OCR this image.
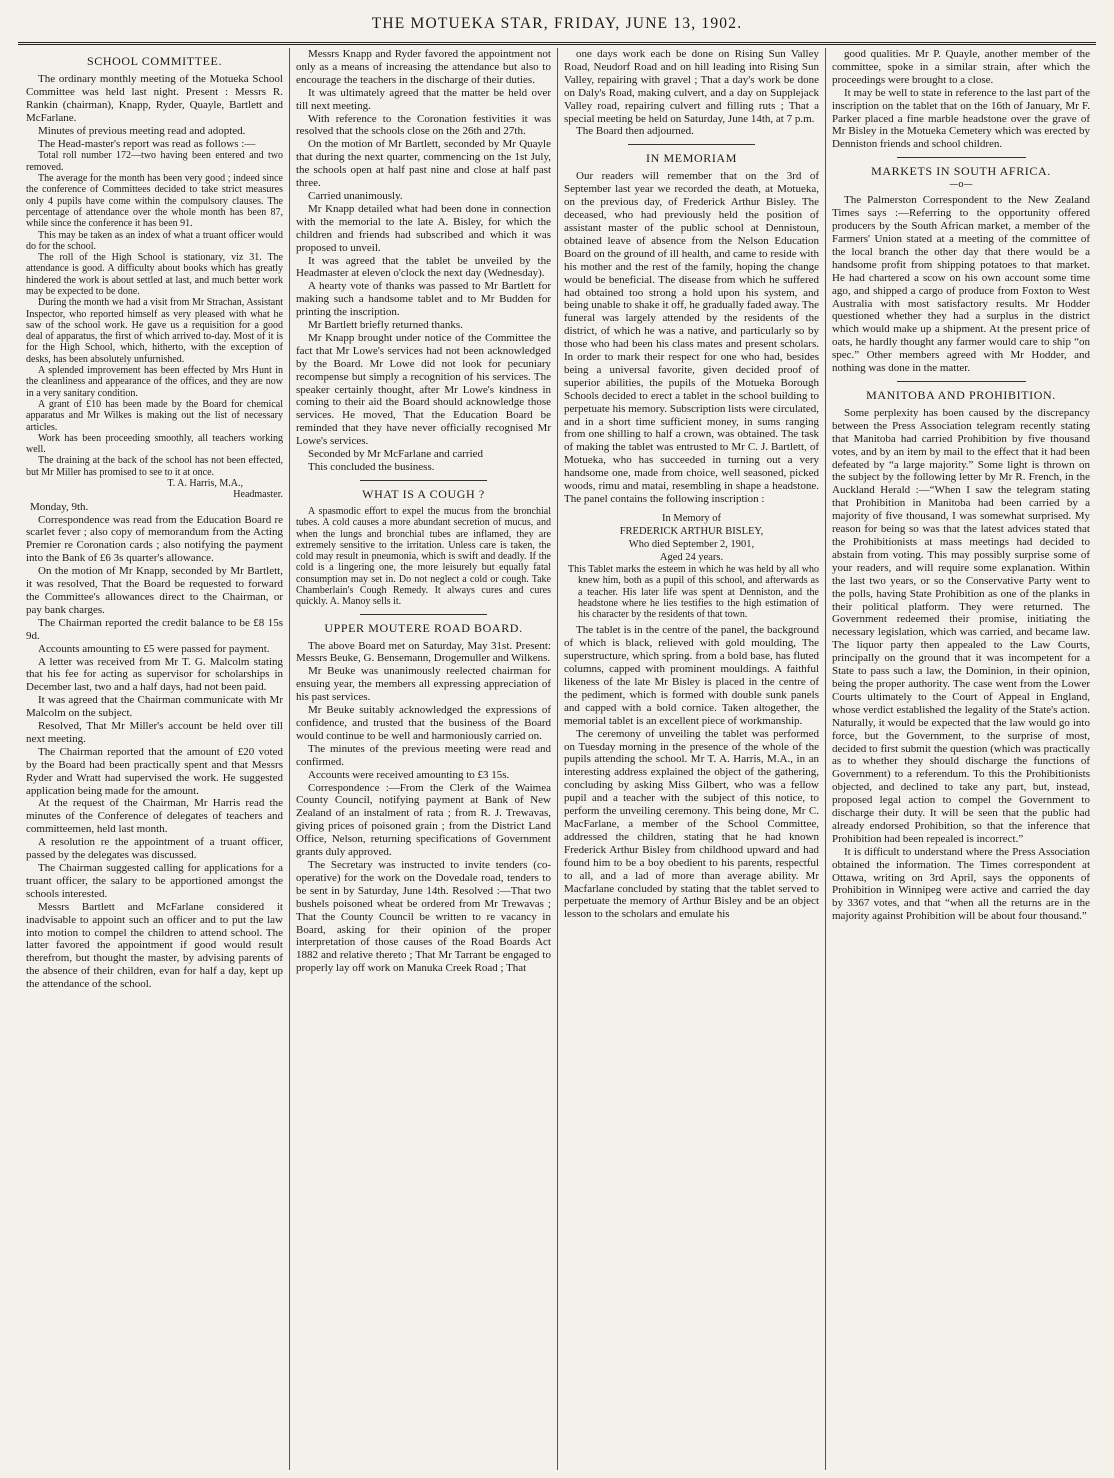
THE MOTUEKA STAR, FRIDAY, JUNE 13, 1902.
SCHOOL COMMITTEE.

The ordinary monthly meeting of the Motueka School Committee was held last night. Present : Messrs R. Rankin (chairman), Knapp, Ryder, Quayle, Bartlett and McFarlane.

Minutes of previous meeting read and adopted.

The Head-master's report was read as follows :—

Total roll number 172—two having been entered and two removed.

The average for the month has been very good ; indeed since the conference of Committees decided to take strict measures only 4 pupils have come within the compulsory clauses. The percentage of attendance over the whole month has been 87, while since the conference it has been 91.

This may be taken as an index of what a truant officer would do for the school.

The roll of the High School is stationary, viz 31. The attendance is good. A difficulty about books which has greatly hindered the work is about settled at last, and much better work may be expected to be done.

During the month we had a visit from Mr Strachan, Assistant Inspector, who reported himself as very pleased with what he saw of the school work. He gave us a requisition for a good deal of apparatus, the first of which arrived to-day. Most of it is for the High School, which, hitherto, with the exception of desks, has been absolutely unfurnished.

A splended improvement has been effected by Mrs Hunt in the cleanliness and appearance of the offices, and they are now in a very sanitary condition.

A grant of £10 has been made by the Board for chemical apparatus and Mr Wilkes is making out the list of necessary articles.

Work has been proceeding smoothly, all teachers working well.

The draining at the back of the school has not been effected, but Mr Miller has promised to see to it at once.

T. A. Harris, M.A.,

Headmaster.

Monday, 9th.

Correspondence was read from the Education Board re scarlet fever ; also copy of memorandum from the Acting Premier re Coronation cards ; also notifying the payment into the Bank of £6 3s quarter's allowance.

On the motion of Mr Knapp, seconded by Mr Bartlett, it was resolved, That the Board be requested to forward the Committee's allowances direct to the Chairman, or pay bank charges.

The Chairman reported the credit balance to be £8 15s 9d.

Accounts amounting to £5 were passed for payment.

A letter was received from Mr T. G. Malcolm stating that his fee for acting as supervisor for scholarships in December last, two and a half days, had not been paid.

It was agreed that the Chairman communicate with Mr Malcolm on the subject.

Resolved, That Mr Miller's account be held over till next meeting.

The Chairman reported that the amount of £20 voted by the Board had been practically spent and that Messrs Ryder and Wratt had supervised the work. He suggested application being made for the amount.

At the request of the Chairman, Mr Harris read the minutes of the Conference of delegates of teachers and committeemen, held last month.

A resolution re the appointment of a truant officer, passed by the delegates was discussed.

The Chairman suggested calling for applications for a truant officer, the salary to be apportioned amongst the schools interested.

Messrs Bartlett and McFarlane considered it inadvisable to appoint such an officer and to put the law into motion to compel the children to attend school. The latter favored the appointment if good would result therefrom, but thought the master, by advising parents of the absence of their children, evan for half a day, kept up the attendance of the school.

Messrs Knapp and Ryder favored the appointment not only as a means of increasing the attendance but also to encourage the teachers in the discharge of their duties.

It was ultimately agreed that the matter be held over till next meeting.

With reference to the Coronation festivities it was resolved that the schools close on the 26th and 27th.

On the motion of Mr Bartlett, seconded by Mr Quayle that during the next quarter, commencing on the 1st July, the schools open at half past nine and close at half past three.

Carried unanimously.

Mr Knapp detailed what had been done in connection with the memorial to the late A. Bisley, for which the children and friends had subscribed and which it was proposed to unveil.

It was agreed that the tablet be unveiled by the Headmaster at eleven o'clock the next day (Wednesday).

A hearty vote of thanks was passed to Mr Bartlett for making such a handsome tablet and to Mr Budden for printing the inscription.

Mr Bartlett briefly returned thanks.

Mr Knapp brought under notice of the Committee the fact that Mr Lowe's services had not been acknowledged by the Board. Mr Lowe did not look for pecuniary recompense but simply a recognition of his services. The speaker certainly thought, after Mr Lowe's kindness in coming to their aid the Board should acknowledge those services. He moved, That the Education Board be reminded that they have never officially recognised Mr Lowe's services.

Seconded by Mr McFarlane and carried

This concluded the business.

WHAT IS A COUGH ?

A spasmodic effort to expel the mucus from the bronchial tubes. A cold causes a more abundant secretion of mucus, and when the lungs and bronchial tubes are inflamed, they are extremely sensitive to the irritation. Unless care is taken, the cold may result in pneumonia, which is swift and deadly. If the cold is a lingering one, the more leisurely but equally fatal consumption may set in. Do not neglect a cold or cough. Take Chamberlain's Cough Remedy. It always cures and cures quickly. A. Manoy sells it.

UPPER MOUTERE ROAD BOARD.

The above Board met on Saturday, May 31st. Present: Messrs Beuke, G. Bensemann, Drogemuller and Wilkens.

Mr Beuke was unanimously reelected chairman for ensuing year, the members all expressing appreciation of his past services.

Mr Beuke suitably acknowledged the expressions of confidence, and trusted that the business of the Board would continue to be well and harmoniously carried on.

The minutes of the previous meeting were read and confirmed.

Accounts were received amounting to £3 15s.

Correspondence :—From the Clerk of the Waimea County Council, notifying payment at Bank of New Zealand of an instalment of rata ; from R. J. Trewavas, giving prices of poisoned grain ; from the District Land Office, Nelson, returning specifications of Government grants duly approved.

The Secretary was instructed to invite tenders (co-operative) for the work on the Dovedale road, tenders to be sent in by Saturday, June 14th. Resolved :—That two bushels poisoned wheat be ordered from Mr Trewavas ; That the County Council be written to re vacancy in Board, asking for their opinion of the proper interpretation of those causes of the Road Boards Act 1882 and relative thereto ; That Mr Tarrant be engaged to properly lay off work on Manuka Creek Road ; That

one days work each be done on Rising Sun Valley Road, Neudorf Road and on hill leading into Rising Sun Valley, repairing with gravel ; That a day's work be done on Daly's Road, making culvert, and a day on Supplejack Valley road, repairing culvert and filling ruts ; That a special meeting be held on Saturday, June 14th, at 7 p.m.

The Board then adjourned.

IN MEMORIAM

Our readers will remember that on the 3rd of September last year we recorded the death, at Motueka, on the previous day, of Frederick Arthur Bisley. The deceased, who had previously held the position of assistant master of the public school at Dennistoun, obtained leave of absence from the Nelson Education Board on the ground of ill health, and came to reside with his mother and the rest of the family, hoping the change would be beneficial. The disease from which he suffered had obtained too strong a hold upon his system, and being unable to shake it off, he gradually faded away. The funeral was largely attended by the residents of the district, of which he was a native, and particularly so by those who had been his class mates and present scholars. In order to mark their respect for one who had, besides being a universal favorite, given decided proof of superior abilities, the pupils of the Motueka Borough Schools decided to erect a tablet in the school building to perpetuate his memory. Subscription lists were circulated, and in a short time sufficient money, in sums ranging from one shilling to half a crown, was obtained. The task of making the tablet was entrusted to Mr C. J. Bartlett, of Motueka, who has succeeded in turning out a very handsome one, made from choice, well seasoned, picked woods, rimu and matai, resembling in shape a headstone. The panel contains the following inscription :

In Memory of

FREDERICK ARTHUR BISLEY,

Who died September 2, 1901,

Aged 24 years.

This Tablet marks the esteem in which he was held by all who knew him, both as a pupil of this school, and afterwards as a teacher. His later life was spent at Denniston, and the headstone where he lies testifies to the high estimation of his character by the residents of that town.

The tablet is in the centre of the panel, the background of which is black, relieved with gold moulding, The superstructure, which spring. from a bold base, has fluted columns, capped with prominent mouldings. A faithful likeness of the late Mr Bisley is placed in the centre of the pediment, which is formed with double sunk panels and capped with a bold cornice. Taken altogether, the memorial tablet is an excellent piece of workmanship.

The ceremony of unveiling the tablet was performed on Tuesday morning in the presence of the whole of the pupils attending the school. Mr T. A. Harris, M.A., in an interesting address explained the object of the gathering, concluding by asking Miss Gilbert, who was a fellow pupil and a teacher with the subject of this notice, to perform the unveiling ceremony. This being done, Mr C. MacFarlane, a member of the School Committee, addressed the children, stating that he had known Frederick Arthur Bisley from childhood upward and had found him to be a boy obedient to his parents, respectful to all, and a lad of more than average ability. Mr Macfarlane concluded by stating that the tablet served to perpetuate the memory of Arthur Bisley and be an object lesson to the scholars and emulate his

good qualities. Mr P. Quayle, another member of the committee, spoke in a similar strain, after which the proceedings were brought to a close.

It may be well to state in reference to the last part of the inscription on the tablet that on the 16th of January, Mr F. Parker placed a fine marble headstone over the grave of Mr Bisley in the Motueka Cemetery which was erected by Denniston friends and school children.

MARKETS IN SOUTH AFRICA.
—o—

The Palmerston Correspondent to the New Zealand Times says :—Referring to the opportunity offered producers by the South African market, a member of the Farmers' Union stated at a meeting of the committee of the local branch the other day that there would be a handsome profit from shipping potatoes to that market. He had chartered a scow on his own account some time ago, and shipped a cargo of produce from Foxton to West Australia with most satisfactory results. Mr Hodder questioned whether they had a surplus in the district which would make up a shipment. At the present price of oats, he hardly thought any farmer would care to ship “on spec.” Other members agreed with Mr Hodder, and nothing was done in the matter.

MANITOBA AND PROHIBITION.

Some perplexity has boen caused by the discrepancy between the Press Association telegram recently stating that Manitoba had carried Prohibition by five thousand votes, and by an item by mail to the effect that it had been defeated by “a large majority.” Some light is thrown on the subject by the following letter by Mr R. French, in the Auckland Herald :—“When I saw the telegram stating that Prohibition in Manitoba had been carried by a majority of five thousand, I was somewhat surprised. My reason for being so was that the latest advices stated that the Prohibitionists at mass meetings had decided to abstain from voting. This may possibly surprise some of your readers, and will require some explanation. Within the last two years, or so the Conservative Party went to the polls, having State Prohibition as one of the planks in their political platform. They were returned. The Government redeemed their promise, initiating the necessary legislation, which was carried, and became law. The liquor party then appealed to the Law Courts, principally on the ground that it was incompetent for a State to pass such a law, the Dominion, in their opinion, being the proper authority. The case went from the Lower Courts ultimately to the Court of Appeal in England, whose verdict established the legality of the State's action. Naturally, it would be expected that the law would go into force, but the Government, to the surprise of most, decided to first submit the question (which was practically as to whether they should discharge the functions of Government) to a referendum. To this the Prohibitionists objected, and declined to take any part, but, instead, proposed legal action to compel the Government to discharge their duty. It will be seen that the public had already endorsed Prohibition, so that the inference that Prohibition had been repealed is incorrect.”

It is difficult to understand where the Press Association obtained the information. The Times correspondent at Ottawa, writing on 3rd April, says the opponents of Prohibition in Winnipeg were active and carried the day by 3367 votes, and that “when all the returns are in the majority against Prohibition will be about four thousand.”
